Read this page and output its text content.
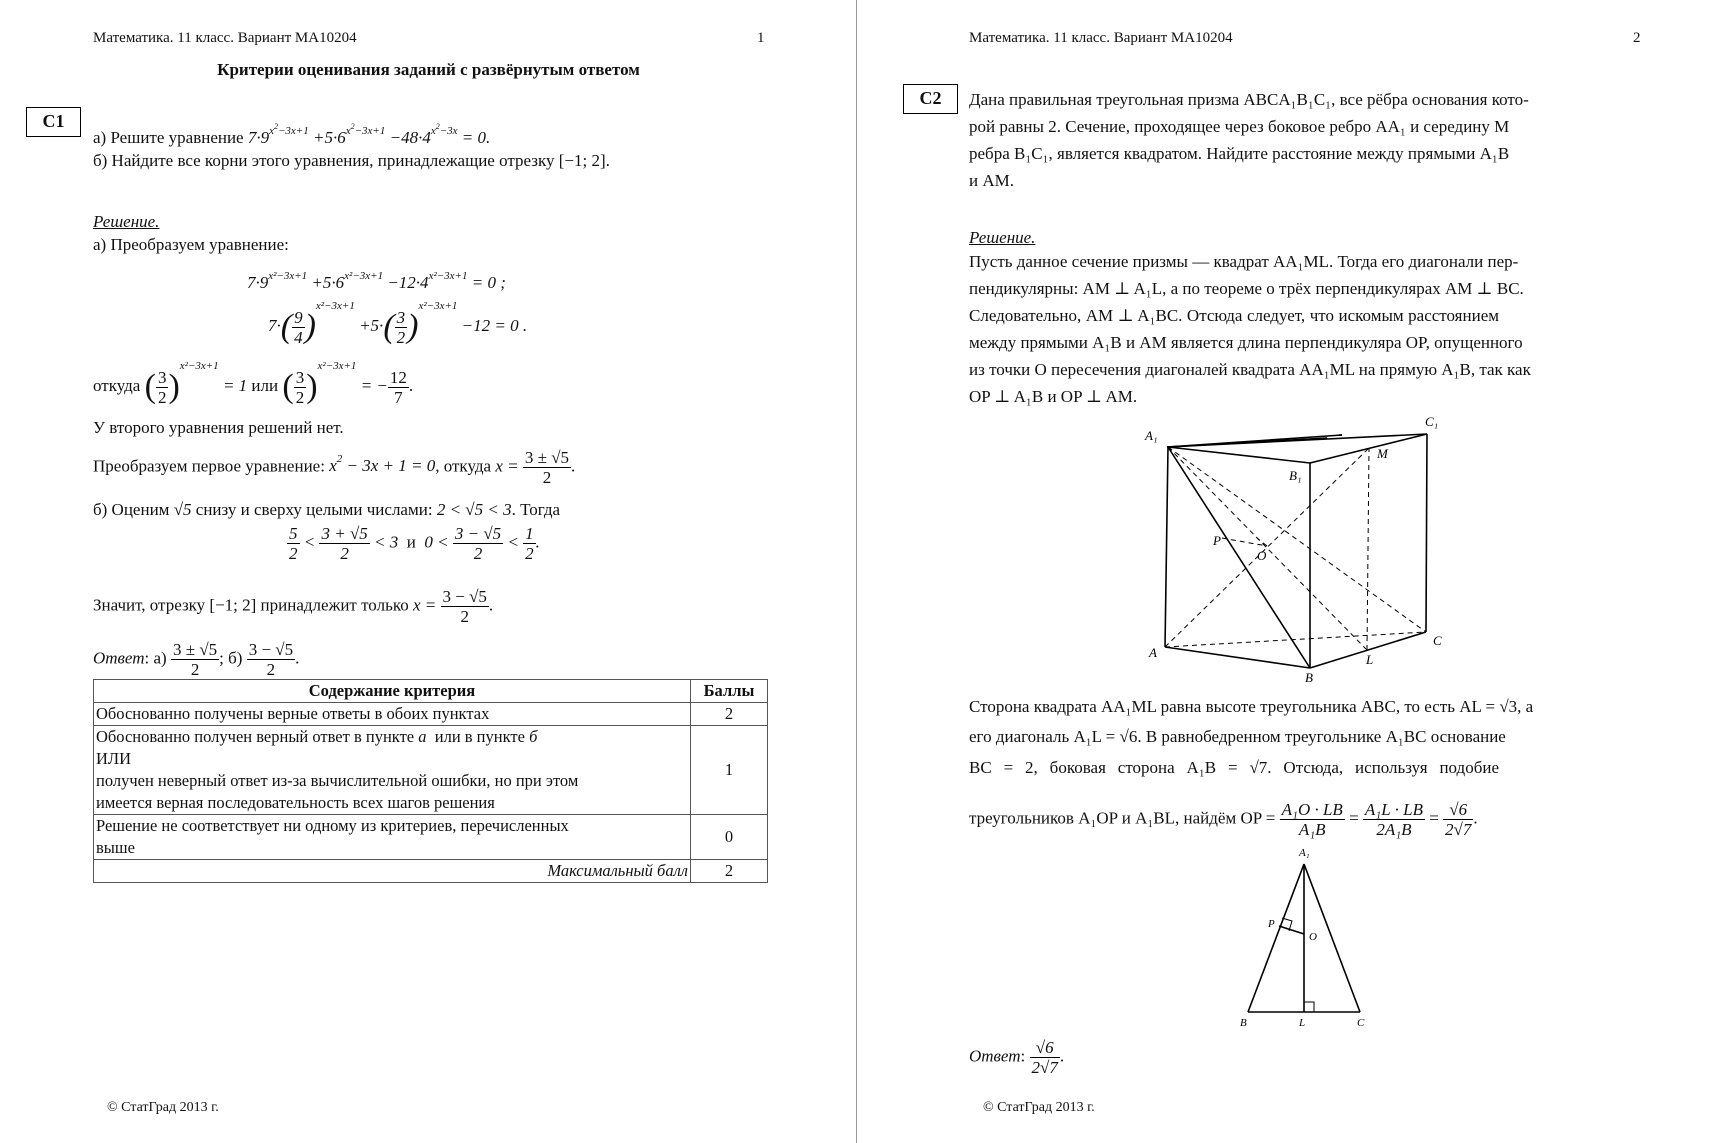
Математика. 11 класс. Вариант МА10204	1
Критерии оценивания заданий с развёрнутым ответом
С1
а) Решите уравнение $7\cdot 9^{x^2-3x+1} +5\cdot 6^{x^2-3x+1} -48\cdot 4^{x^2-3x} = 0$.
б) Найдите все корни этого уравнения, принадлежащие отрезку [−1; 2].
Решение.
а) Преобразуем уравнение:
$7\cdot 9^{x^2-3x+1} +5\cdot 6^{x^2-3x+1} -12\cdot 4^{x^2-3x+1} = 0$ ;
$7\cdot( \frac{9}{4} )^{x^2-3x+1} +5\cdot( \frac{3}{2} )^{x^2-3x+1} -12 = 0$ .
откуда ( $\frac{3}{2} )^{x^2-3x+1} = 1$ или ( $\frac{3}{2} )^{x^2-3x+1}$ = − $\frac{12}{7}$ .
У второго уравнения решений нет.
Преобразуем первое уравнение: $x^2 - 3x + 1 = 0$, откуда $x = \frac{3 \pm √5}{2}$ .
б) Оценим √5 снизу и сверху целыми числами: 2 < √5 < 3. Тогда
$\frac{5}{2} < \frac{3 + √5}{2} < 3$  и  $0 < \frac{3 - √5}{2} < \frac{1}{2}$ .
Значит, отрезку [−1; 2] принадлежит только $x = \frac{3 - √5}{2}$ .
Ответ: $а) \frac{3 \pm √5}{2}$ ; $б) \frac{3 - √5}{2}$ .
Содержание критерия	Баллы
Обоснованно получены верные ответы в обоих пунктах	2

Обоснованно получен верный ответ в пункте а или в пункте б
ИЛИ
получен неверный ответ из-за вычислительной ошибки, но при этом
имеется верная последовательность всех шагов решения	1

Решение не соответствует ни одному из критериев, перечисленных
выше	0
Максимальный балл	2
© СтатГрад 2013 г.
Математика. 11 класс. Вариант МА10204	2
С2	Дана правильная треугольная призма ABCA₁B₁C₁, все рёбра основания кото-
рой равны 2. Сечение, проходящее через боковое ребро AA₁ и середину M
ребра B₁C₁, является квадратом. Найдите расстояние между прямыми A₁B
и AM.
Решение.
Пусть данное сечение призмы — квадрат AA₁ML. Тогда его диагонали пер-
пендикулярны: AM ⊥ A₁L, а по теореме о трёх перпендикулярах AM ⊥ BC.
Следовательно, AM ⊥ A₁BC. Отсюда следует, что искомым расстоянием
между прямыми A₁B и AM является длина перпендикуляра OP, опущенного
из точки O пересечения диагоналей квадрата AA₁ML на прямую A₁B, так как
OP ⊥ A₁B и OP ⊥ AM.
A₁
C₁
B₁
M
P
O
A
B
C
L
Сторона квадрата AA₁ML равна высоте треугольника ABC, то есть AL = √3, а
его диагональ A₁L = √6. В равнобедренном треугольнике A₁BC основание
BC = 2, боковая сторона A₁B = √7. Отсюда, используя подобие
треугольников A₁OP и A₁BL, найдём OP = $\frac{\text{A₁O · LB}}{\text{A₁B}} = \frac{\text{A₁L · LB}}{\text{2A₁B}} = \frac{√6}{2√7}$ .
A₁
P
O
B	L	C
Ответ: $\frac{√6}{2√7}$ .
© СтатГрад 2013 г.
